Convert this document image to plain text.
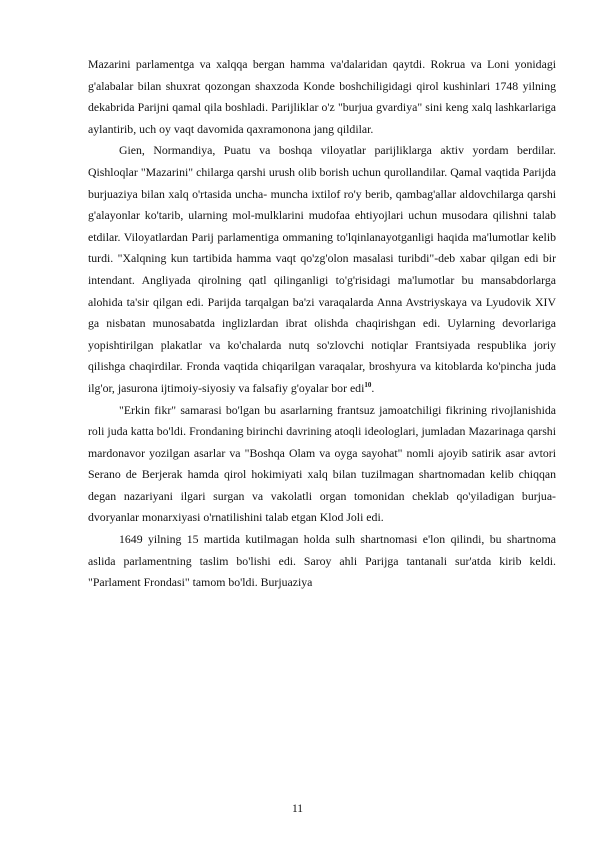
Mazarini parlamentga va xalqqa bergan hamma va'dalaridan qaytdi. Rokrua va Loni yonidagi g'alabalar bilan shuxrat qozongan shaxzoda Konde boshchiligidagi qirol kushinlari 1748 yilning dekabrida Parijni qamal qila boshladi. Parijliklar o'z "burjua gvardiya" sini keng xalq lashkarlariga aylantirib, uch oy vaqt davomida qaxramonona jang qildilar.

Gien, Normandiya, Puatu va boshqa viloyatlar parijliklarga aktiv yordam berdilar. Qishloqlar "Mazarini" chilarga qarshi urush olib borish uchun qurollandilar. Qamal vaqtida Parijda burjuaziya bilan xalq o'rtasida uncha- muncha ixtilof ro'y berib, qambag'allar aldovchilarga qarshi g'alayonlar ko'tarib, ularning mol-mulklarini mudofaa ehtiyojlari uchun musodara qilishni talab etdilar. Viloyatlardan Parij parlamentiga ommaning to'lqinlanayotganligi haqida ma'lumotlar kelib turdi. "Xalqning kun tartibida hamma vaqt qo'zg'olon masalasi turibdi"-deb xabar qilgan edi bir intendant. Angliyada qirolning qatl qilinganligi to'g'risidagi ma'lumotlar bu mansabdorlarga alohida ta'sir qilgan edi. Parijda tarqalgan ba'zi varaqalarda Anna Avstriyskaya va Lyudovik XIV ga nisbatan munosabatda inglizlardan ibrat olishda chaqirishgan edi. Uylarning devorlariga yopishtirilgan plakatlar va ko'chalarda nutq so'zlovchi notiqlar Frantsiyada respublika joriy qilishga chaqirdilar. Fronda vaqtida chiqarilgan varaqalar, broshyura va kitoblarda ko'pincha juda ilg'or, jasurona ijtimoiy-siyosiy va falsafiy g'oyalar bor edi$^{10}$.

"Erkin fikr" samarasi bo'lgan bu asarlarning frantsuz jamoatchiligi fikrining rivojlanishida roli juda katta bo'ldi. Frondaning birinchi davrining atoqli ideologlari, jumladan Mazarinaga qarshi mardonavor yozilgan asarlar va "Boshqa Olam va oyga sayohat" nomli ajoyib satirik asar avtori Serano de Berjerak hamda qirol hokimiyati xalq bilan tuzilmagan shartnomadan kelib chiqqan degan nazariyani ilgari surgan va vakolatli organ tomonidan cheklab qo'yiladigan burjua-dvoryanlar monarxiyasi o'rnatilishini talab etgan Klod Joli edi.

1649 yilning 15 martida kutilmagan holda sulh shartnomasi e'lon qilindi, bu shartnoma aslida parlamentning taslim bo'lishi edi. Saroy ahli Parijga tantanali sur'atda kirib keldi. "Parlament Frondasi" tamom bo'ldi. Burjuaziya

11
